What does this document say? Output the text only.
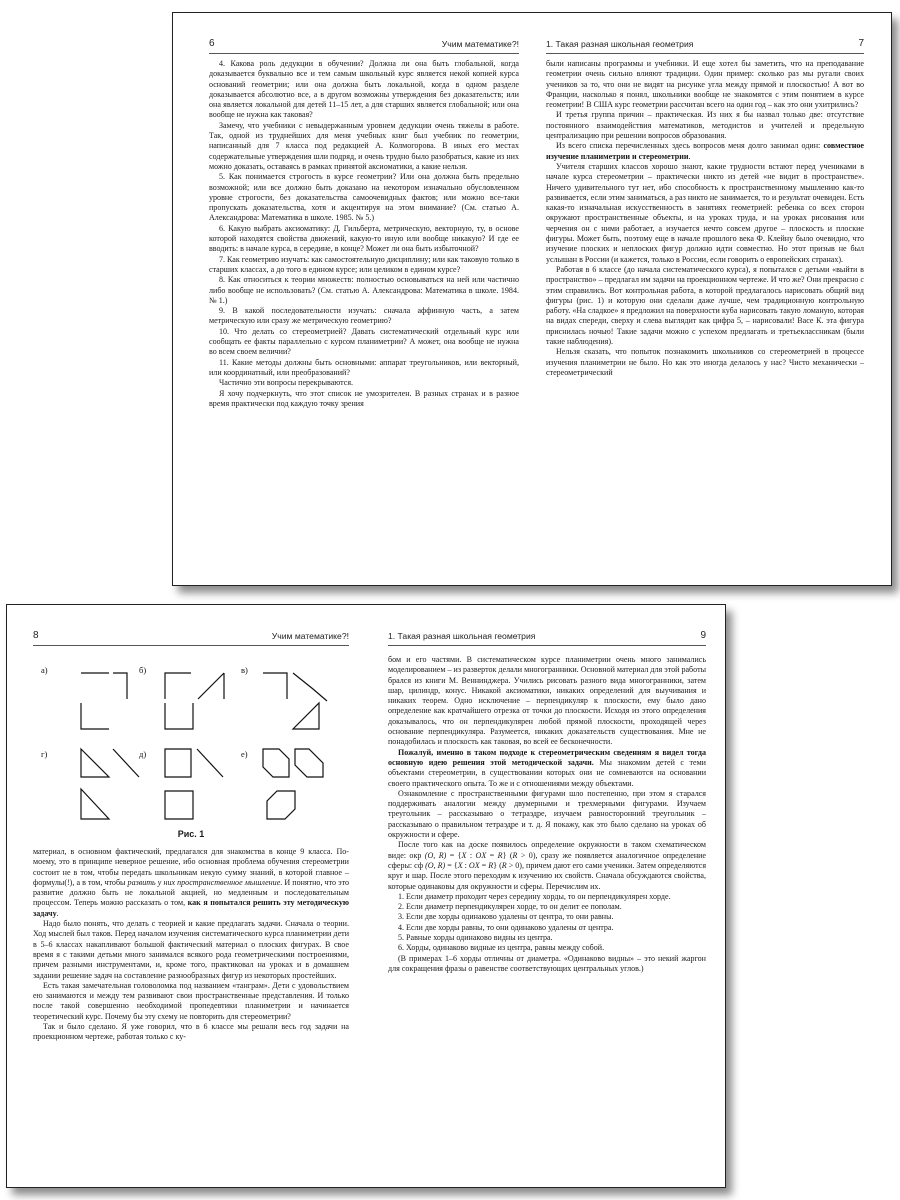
6	Учим математике?!

4. Какова роль дедукции в обучении? Должна ли она быть глобальной, когда доказывается буквально все и тем самым школьный курс является некой копией курса оснований геометрии; или она должна быть локальной, когда в одном разделе доказывается абсолютно все, а в другом возможны утверждения без доказательств; или она является локальной для детей 11–15 лет, а для старших является глобальной; или она вообще не нужна как таковая?

Замечу, что учебники с невыдержанным уровнем дедукции очень тяжелы в работе. Так, одной из труднейших для меня учебных книг был учебник по геометрии, написанный для 7 класса под редакцией А. Колмогорова. В иных его местах содержательные утверждения шли подряд, и очень трудно было разобраться, какие из них можно доказать, оставаясь в рамках принятой аксиоматики, а какие нельзя.

5. Как понимается строгость в курсе геометрии? Или она должна быть предельно возможной; или все должно быть доказано на некотором изначально обусловленном уровне строгости, без доказательства самоочевидных фактов; или можно все-таки пропускать доказательства, хотя и акцентируя на этом внимание? (См. статью А. Александрова: Математика в школе. 1985. № 5.)

6. Какую выбрать аксиоматику: Д. Гильберта, метрическую, векторную, ту, в основе которой находятся свойства движений, какую-то иную или вообще никакую? И где ее вводить: в начале курса, в середине, в конце? Может ли она быть избыточной?

7. Как геометрию изучать: как самостоятельную дисциплину; или как таковую только в старших классах, а до того в едином курсе; или целиком в едином курсе?

8. Как относиться к теории множеств: полностью основываться на ней или частично либо вообще не использовать? (См. статью А. Александрова: Математика в школе. 1984. № 1.)

9. В какой последовательности изучать: сначала аффинную часть, а затем метрическую или сразу же метрическую геометрию?

10. Что делать со стереометрией? Давать систематический отдельный курс или сообщать ее факты параллельно с курсом планиметрии? А может, она вообще не нужна во всем своем величии?

11. Какие методы должны быть основными: аппарат треугольников, или векторный, или координатный, или преобразований?

Частично эти вопросы перекрываются.

Я хочу подчеркнуть, что этот список не умозрителен. В разных странах и в разное время практически под каждую точку зрения

1. Такая разная школьная геометрия	7

были написаны программы и учебники. И еще хотел бы заметить, что на преподавание геометрии очень сильно влияют традиции. Один пример: сколько раз мы ругали своих учеников за то, что они не видят на рисунке угла между прямой и плоскостью! А вот во Франции, насколько я понял, школьники вообще не знакомятся с этим понятием в курсе геометрии! В США курс геометрии рассчитан всего на один год – как это они ухитрились?

И третья группа причин – практическая. Из них я бы назвал только две: отсутствие постоянного взаимодействия математиков, методистов и учителей и предельную централизацию при решении вопросов образования.

Из всего списка перечисленных здесь вопросов меня долго занимал один: совместное изучение планиметрии и стереометрии.

Учителя старших классов хорошо знают, какие трудности встают перед учениками в начале курса стереометрии – практически никто из детей «не видит в пространстве». Ничего удивительного тут нет, ибо способность к пространственному мышлению как-то развивается, если этим заниматься, а раз никто не занимается, то и результат очевиден. Есть какая-то изначальная искусственность в занятиях геометрией: ребенка со всех сторон окружают пространственные объекты, и на уроках труда, и на уроках рисования или черчения он с ними работает, а изучается нечто совсем другое – плоскость и плоские фигуры. Может быть, поэтому еще в начале прошлого века Ф. Клейну было очевидно, что изучение плоских и неплоских фигур должно идти совместно. Но этот призыв не был услышан в России (и кажется, только в России, если говорить о европейских странах).

Работая в 6 классе (до начала систематического курса), я попытался с детьми «выйти в пространство» – предлагал им задачи на проекционном чертеже. И что же? Они прекрасно с этим справились. Вот контрольная работа, в которой предлагалось нарисовать общий вид фигуры (рис. 1) и которую они сделали даже лучше, чем традиционную контрольную работу. «На сладкое» я предложил на поверхности куба нарисовать такую ломаную, которая на видах спереди, сверху и слева выглядит как цифра 5, – нарисовали! Васе К. эта фигура приснилась ночью! Такие задачи можно с успехом предлагать и третьеклассникам (были такие наблюдения).

Нельзя сказать, что попыток познакомить школьников со стереометрией в процессе изучения планиметрии не было. Но как это иногда делалось у нас? Чисто механически – стереометрический

8	Учим математике?!
а)	б)	в)
г)	д)	е)
Рис. 1

материал, в основном фактический, предлагался для знакомства в конце 9 класса. По-моему, это в принципе неверное решение, ибо основная проблема обучения стереометрии состоит не в том, чтобы передать школьникам некую сумму знаний, в которой главное – формулы(!), а в том, чтобы развить у них пространственное мышление. И понятно, что это развитие должно быть не локальной акцией, но медленным и последовательным процессом. Теперь можно рассказать о том, как я попытался решить эту методическую задачу.

Надо было понять, что делать с теорией и какие предлагать задачи. Сначала о теории. Ход мыслей был таков. Перед началом изучения систематического курса планиметрии дети в 5–6 классах накапливают большой фактический материал о плоских фигурах. В свое время я с такими детьми много занимался всякого рода геометрическими построениями, причем разными инструментами, и, кроме того, практиковал на уроках и в домашнем задании решение задач на составление разнообразных фигур из некоторых простейших.

Есть такая замечательная головоломка под названием «танграм». Дети с удовольствием ею занимаются и между тем развивают свои пространственные представления. И только после такой совершенно необходимой пропедевтики планиметрии и начинается теоретический курс. Почему бы эту схему не повторить для стереометрии?

Так и было сделано. Я уже говорил, что в 6 классе мы решали весь год задачи на проекционном чертеже, работая только с ку-

1. Такая разная школьная геометрия	9

бом и его частями. В систематическом курсе планиметрии очень много занимались моделированием – из разверток делали многогранники. Основной материал для этой работы брался из книги М. Веннинджера. Учились рисовать разного вида многогранники, затем шар, цилиндр, конус. Никакой аксиоматики, никаких определений для выучивания и никаких теорем. Одно исключение – перпендикуляр к плоскости, ему было дано определение как кратчайшего отрезка от точки до плоскости. Исходя из этого определения доказывалось, что он перпендикулярен любой прямой плоскости, проходящей через основание перпендикуляра. Разумеется, никаких доказательств существования. Мне не понадобилась и плоскость как таковая, во всей ее бесконечности.

Пожалуй, именно в таком подходе к стереометрическим сведениям я видел тогда основную идею решения этой методической задачи. Мы знакомим детей с теми объектами стереометрии, в существовании которых они не сомневаются на основании своего практического опыта. То же и с отношениями между объектами.

Ознакомление с пространственными фигурами шло постепенно, при этом я старался поддерживать аналогии между двумерными и трехмерными фигурами. Изучаем треугольник – рассказываю о тетраэдре, изучаем равносторонний треугольник – рассказываю о правильном тетраэдре и т. д. Я покажу, как это было сделано на уроках об окружности и сфере.

После того как на доске появилось определение окружности в таком схематическом виде: окр (O, R) = {X : OX = R} (R > 0), сразу же появляется аналогичное определение сферы: сф (O, R) = {X : OX = R} (R > 0), причем дают его сами ученики. Затем определяются круг и шар. После этого переходим к изучению их свойств. Сначала обсуждаются свойства, которые одинаковы для окружности и сферы. Перечислим их.

1. Если диаметр проходит через середину хорды, то он перпендикулярен хорде.

2. Если диаметр перпендикулярен хорде, то он делит ее пополам.

3. Если две хорды одинаково удалены от центра, то они равны.

4. Если две хорды равны, то они одинаково удалены от центра.

5. Равные хорды одинаково видны из центра.

6. Хорды, одинаково видные из центра, равны между собой.

(В примерах 1–6 хорды отличны от диаметра. «Одинаково видны» – это некий жаргон для сокращения фразы о равенстве соответствующих центральных углов.)
